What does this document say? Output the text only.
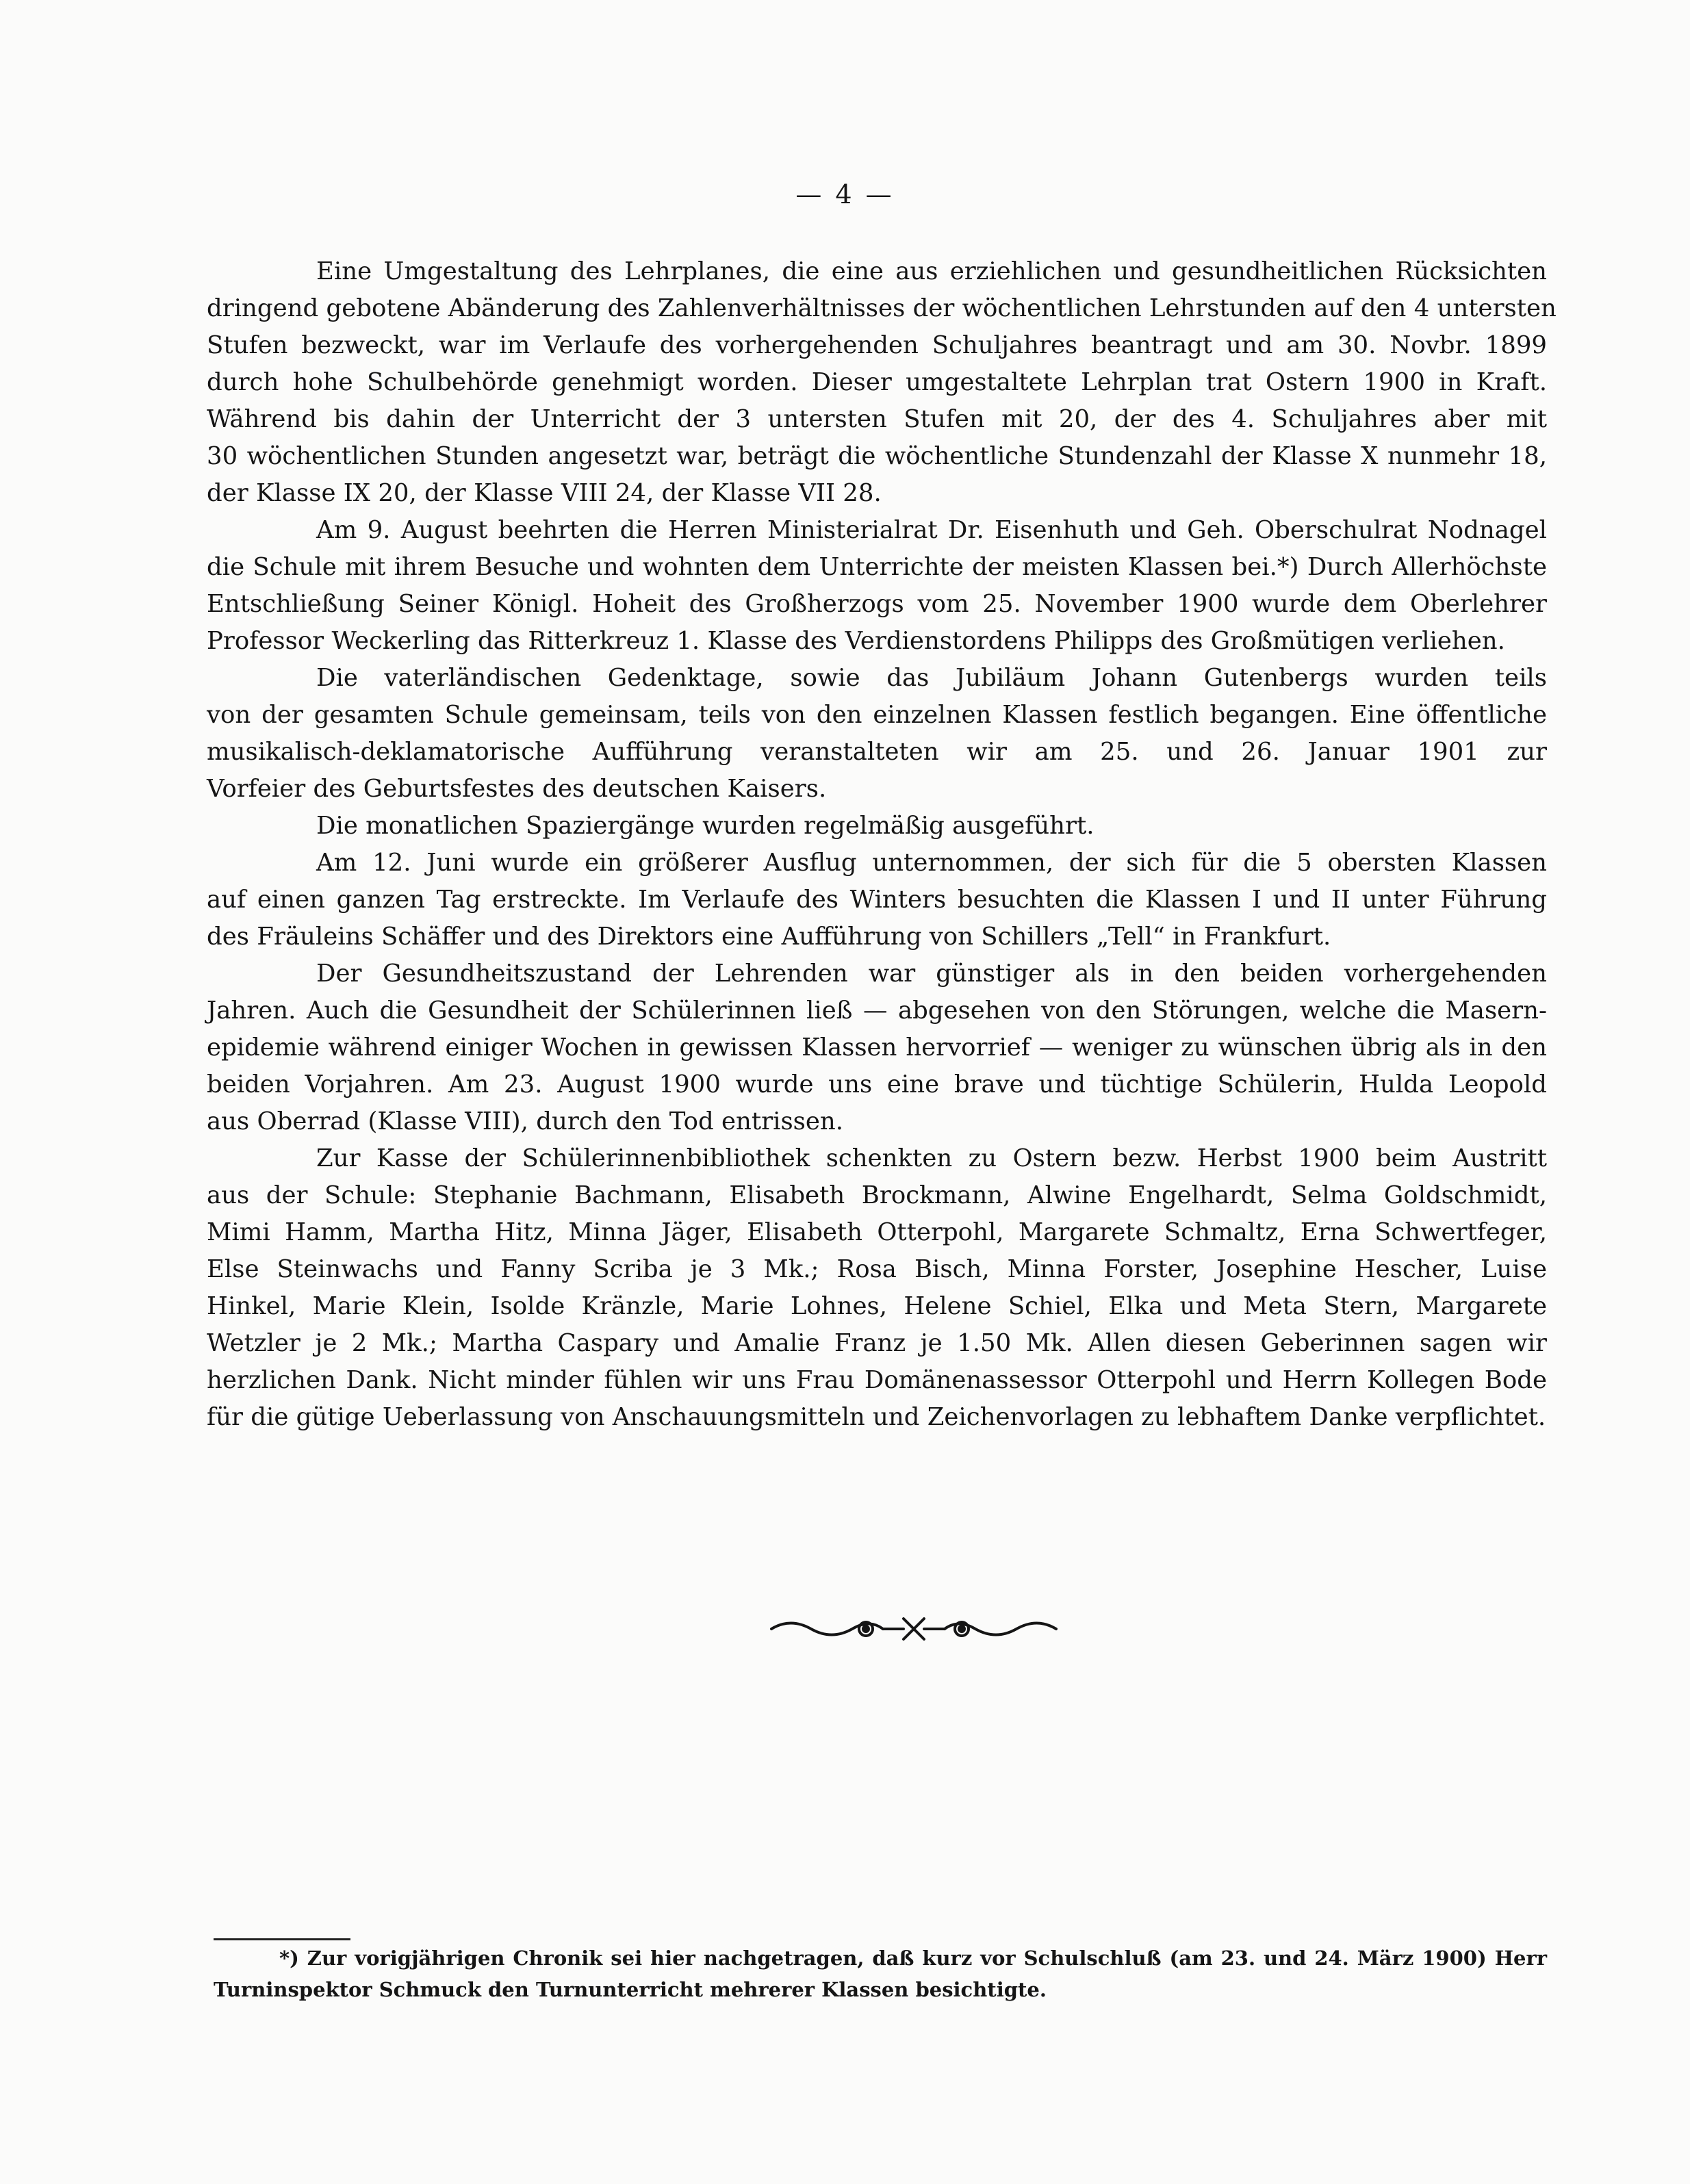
— 4 —
Eine Umgestaltung des Lehrplanes, die eine aus erziehlichen und gesundheitlichen Rücksichten
dringend gebotene Abänderung des Zahlenverhältnisses der wöchentlichen Lehrstunden auf den 4 untersten
Stufen bezweckt, war im Verlaufe des vorhergehenden Schuljahres beantragt und am 30. Novbr. 1899
durch hohe Schulbehörde genehmigt worden. Dieser umgestaltete Lehrplan trat Ostern 1900 in Kraft.
Während bis dahin der Unterricht der 3 untersten Stufen mit 20, der des 4. Schuljahres aber mit
30 wöchentlichen Stunden angesetzt war, beträgt die wöchentliche Stundenzahl der Klasse X nunmehr 18,
der Klasse IX 20, der Klasse VIII 24, der Klasse VII 28.
Am 9. August beehrten die Herren Ministerialrat Dr. Eisenhuth und Geh. Oberschulrat Nodnagel
die Schule mit ihrem Besuche und wohnten dem Unterrichte der meisten Klassen bei.*) Durch Allerhöchste
Entschließung Seiner Königl. Hoheit des Großherzogs vom 25. November 1900 wurde dem Oberlehrer
Professor Weckerling das Ritterkreuz 1. Klasse des Verdienstordens Philipps des Großmütigen verliehen.
Die vaterländischen Gedenktage, sowie das Jubiläum Johann Gutenbergs wurden teils
von der gesamten Schule gemeinsam, teils von den einzelnen Klassen festlich begangen. Eine öffentliche
musikalisch-deklamatorische Aufführung veranstalteten wir am 25. und 26. Januar 1901 zur
Vorfeier des Geburtsfestes des deutschen Kaisers.
Die monatlichen Spaziergänge wurden regelmäßig ausgeführt.
Am 12. Juni wurde ein größerer Ausflug unternommen, der sich für die 5 obersten Klassen
auf einen ganzen Tag erstreckte. Im Verlaufe des Winters besuchten die Klassen I und II unter Führung
des Fräuleins Schäffer und des Direktors eine Aufführung von Schillers „Tell“ in Frankfurt.
Der Gesundheitszustand der Lehrenden war günstiger als in den beiden vorhergehenden
Jahren. Auch die Gesundheit der Schülerinnen ließ — abgesehen von den Störungen, welche die Masern-
epidemie während einiger Wochen in gewissen Klassen hervorrief — weniger zu wünschen übrig als in den
beiden Vorjahren. Am 23. August 1900 wurde uns eine brave und tüchtige Schülerin, Hulda Leopold
aus Oberrad (Klasse VIII), durch den Tod entrissen.
Zur Kasse der Schülerinnenbibliothek schenkten zu Ostern bezw. Herbst 1900 beim Austritt
aus der Schule: Stephanie Bachmann, Elisabeth Brockmann, Alwine Engelhardt, Selma Goldschmidt,
Mimi Hamm, Martha Hitz, Minna Jäger, Elisabeth Otterpohl, Margarete Schmaltz, Erna Schwertfeger,
Else Steinwachs und Fanny Scriba je 3 Mk.; Rosa Bisch, Minna Forster, Josephine Hescher, Luise
Hinkel, Marie Klein, Isolde Kränzle, Marie Lohnes, Helene Schiel, Elka und Meta Stern, Margarete
Wetzler je 2 Mk.; Martha Caspary und Amalie Franz je 1.50 Mk. Allen diesen Geberinnen sagen wir
herzlichen Dank. Nicht minder fühlen wir uns Frau Domänenassessor Otterpohl und Herrn Kollegen Bode
für die gütige Ueberlassung von Anschauungsmitteln und Zeichenvorlagen zu lebhaftem Danke verpflichtet.
*) Zur vorigjährigen Chronik sei hier nachgetragen, daß kurz vor Schulschluß (am 23. und 24. März 1900) Herr
Turninspektor Schmuck den Turnunterricht mehrerer Klassen besichtigte.
